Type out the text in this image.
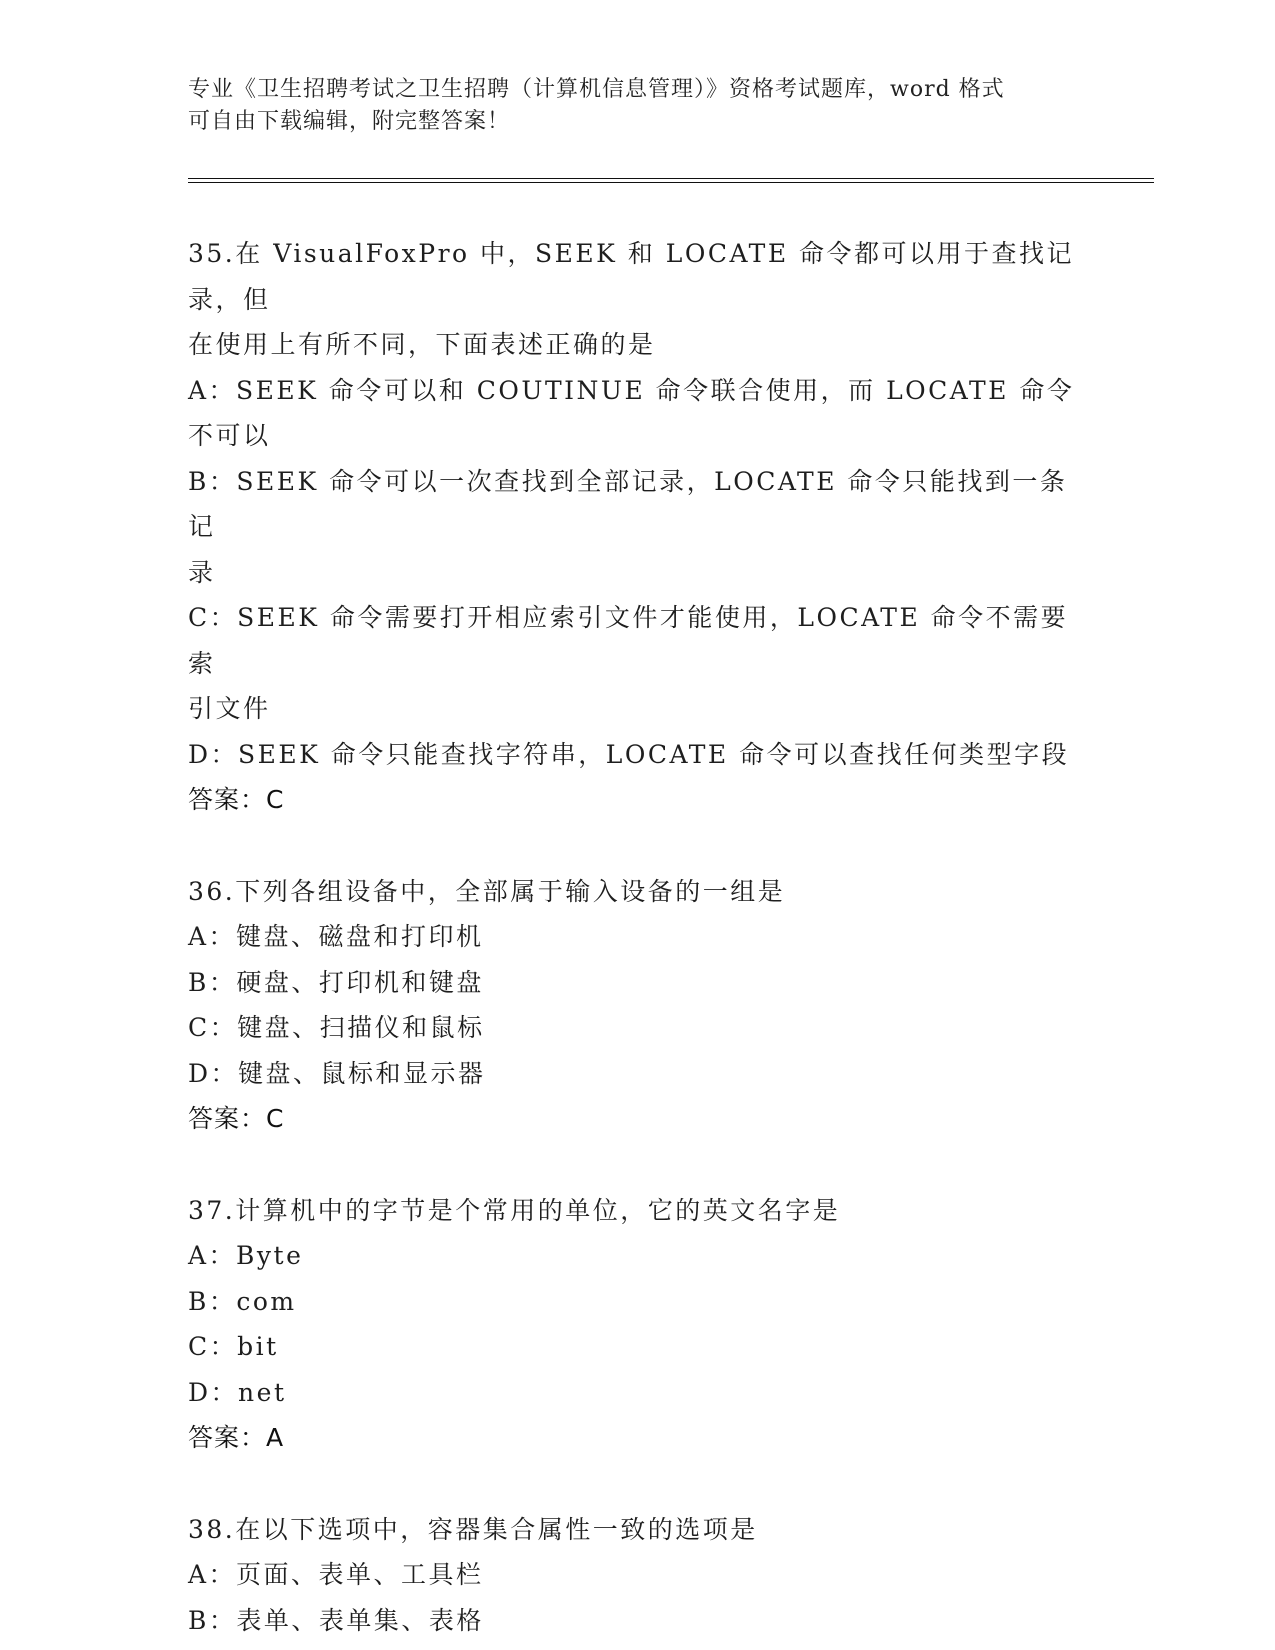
专业《卫生招聘考试之卫生招聘（计算机信息管理）》资格考试题库，word 格式
可自由下载编辑，附完整答案！
35.在 VisualFoxPro 中，SEEK 和 LOCATE 命令都可以用于查找记录，但
在使用上有所不同，下面表述正确的是
A：SEEK 命令可以和 COUTINUE 命令联合使用，而 LOCATE 命令不可以
B：SEEK 命令可以一次查找到全部记录，LOCATE 命令只能找到一条记
录
C：SEEK 命令需要打开相应索引文件才能使用，LOCATE 命令不需要索
引文件
D：SEEK 命令只能查找字符串，LOCATE 命令可以查找任何类型字段
答案：C
36.下列各组设备中，全部属于输入设备的一组是
A：键盘、磁盘和打印机
B：硬盘、打印机和键盘
C：键盘、扫描仪和鼠标
D：键盘、鼠标和显示器
答案：C
37.计算机中的字节是个常用的单位，它的英文名字是
A：Byte
B：com
C：bit
D：net
答案：A
38.在以下选项中，容器集合属性一致的选项是
A：页面、表单、工具栏
B：表单、表单集、表格
